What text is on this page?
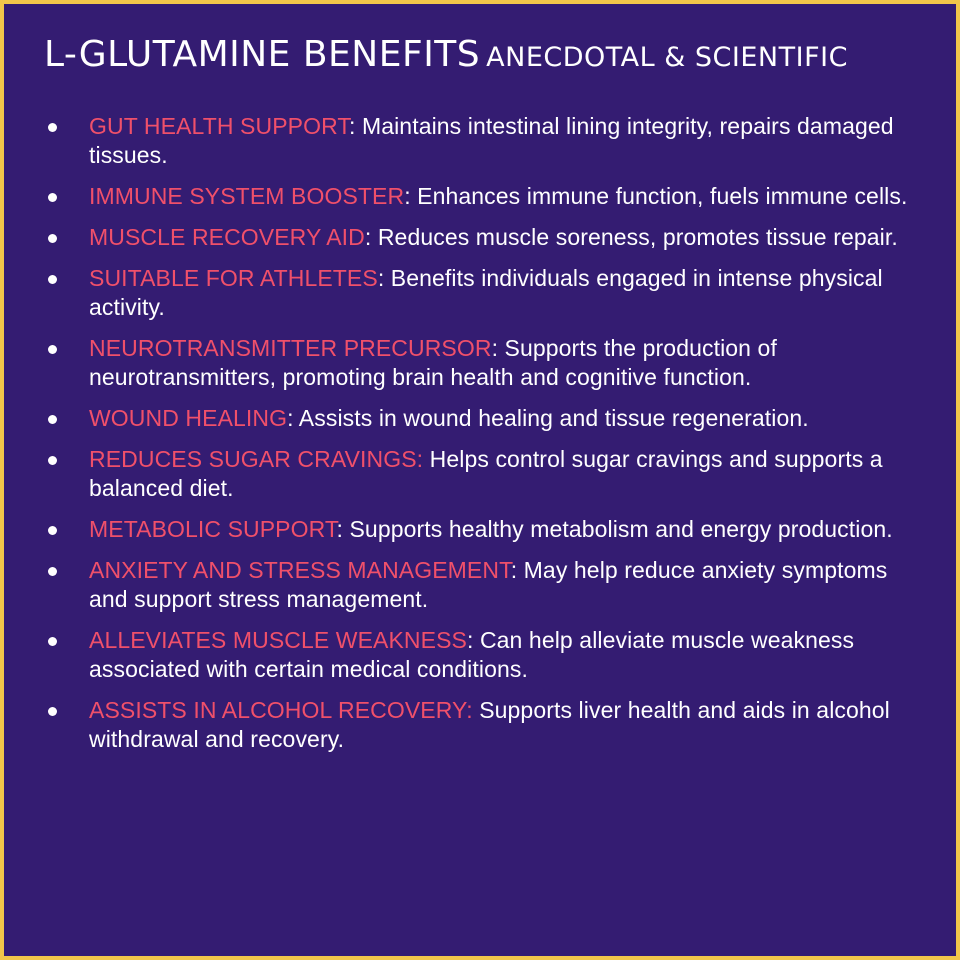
L-GLUTAMINE BENEFITS ANECDOTAL & SCIENTIFIC
GUT HEALTH SUPPORT: Maintains intestinal lining integrity, repairs damaged tissues.
IMMUNE SYSTEM BOOSTER: Enhances immune function, fuels immune cells.
MUSCLE RECOVERY AID: Reduces muscle soreness, promotes tissue repair.
SUITABLE FOR ATHLETES: Benefits individuals engaged in intense physical activity.
NEUROTRANSMITTER PRECURSOR: Supports the production of neurotransmitters, promoting brain health and cognitive function.
WOUND HEALING: Assists in wound healing and tissue regeneration.
REDUCES SUGAR CRAVINGS: Helps control sugar cravings and supports a balanced diet.
METABOLIC SUPPORT: Supports healthy metabolism and energy production.
ANXIETY AND STRESS MANAGEMENT: May help reduce anxiety symptoms and support stress management.
ALLEVIATES MUSCLE WEAKNESS: Can help alleviate muscle weakness associated with certain medical conditions.
ASSISTS IN ALCOHOL RECOVERY: Supports liver health and aids in alcohol withdrawal and recovery.
